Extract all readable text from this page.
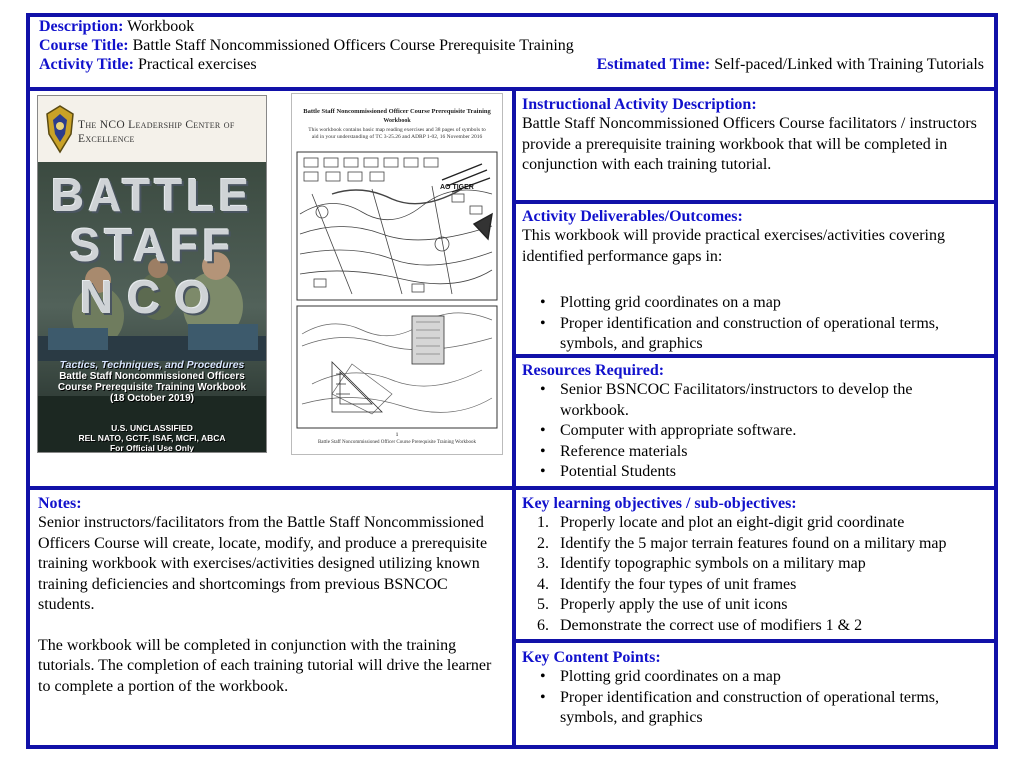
Description: Workbook
Course Title: Battle Staff Noncommissioned Officers Course Prerequisite Training
Activity Title: Practical exercises	Estimated Time: Self-paced/Linked with Training Tutorials
The NCO Leadership Center of Excellence
BATTLE
STAFF
NCO
Tactics, Techniques, and Procedures
Battle Staff Noncommissioned Officers
Course Prerequisite Training Workbook
(18 October 2019)
U.S. UNCLASSIFIED
REL NATO, GCTF, ISAF, MCFI, ABCA
For Official Use Only
Battle Staff Noncommissioned Officer Course Prerequisite Training
Workbook
This workbook contains basic map reading exercises and 38 pages of symbols to aid in your understanding of TC 3-25.26 and ADRP 1-02, 16 November 2016
AO TIGER
1
Battle Staff Noncommissioned Officer Course Prerequisite Training Workbook

Instructional Activity Description:

Battle Staff Noncommissioned Officers Course facilitators / instructors provide a prerequisite training workbook that will be completed in conjunction with each training tutorial.

Activity Deliverables/Outcomes:

This workbook will provide practical exercises/activities covering identified performance gaps in:

• Plotting grid coordinates on a map
• Proper identification and construction of operational terms, symbols, and graphics

Resources Required:

• Senior BSNCOC Facilitators/instructors to develop the workbook.
• Computer with appropriate software.
• Reference materials
• Potential Students

Notes:

Senior instructors/facilitators from the Battle Staff Noncommissioned Officers Course will create, locate, modify, and produce a prerequisite training workbook with exercises/activities designed utilizing known training deficiencies and shortcomings from previous BSNCOC students.

The workbook will be completed in conjunction with the training tutorials. The completion of each training tutorial will drive the learner to complete a portion of the workbook.

Key learning objectives / sub-objectives:

1. Properly locate and plot an eight-digit grid coordinate
2. Identify the 5 major terrain features found on a military map
3. Identify topographic symbols on a military map
4. Identify the four types of unit frames
5. Properly apply the use of unit icons
6. Demonstrate the correct use of modifiers 1 & 2

Key Content Points:

• Plotting grid coordinates on a map
• Proper identification and construction of operational terms, symbols, and graphics
